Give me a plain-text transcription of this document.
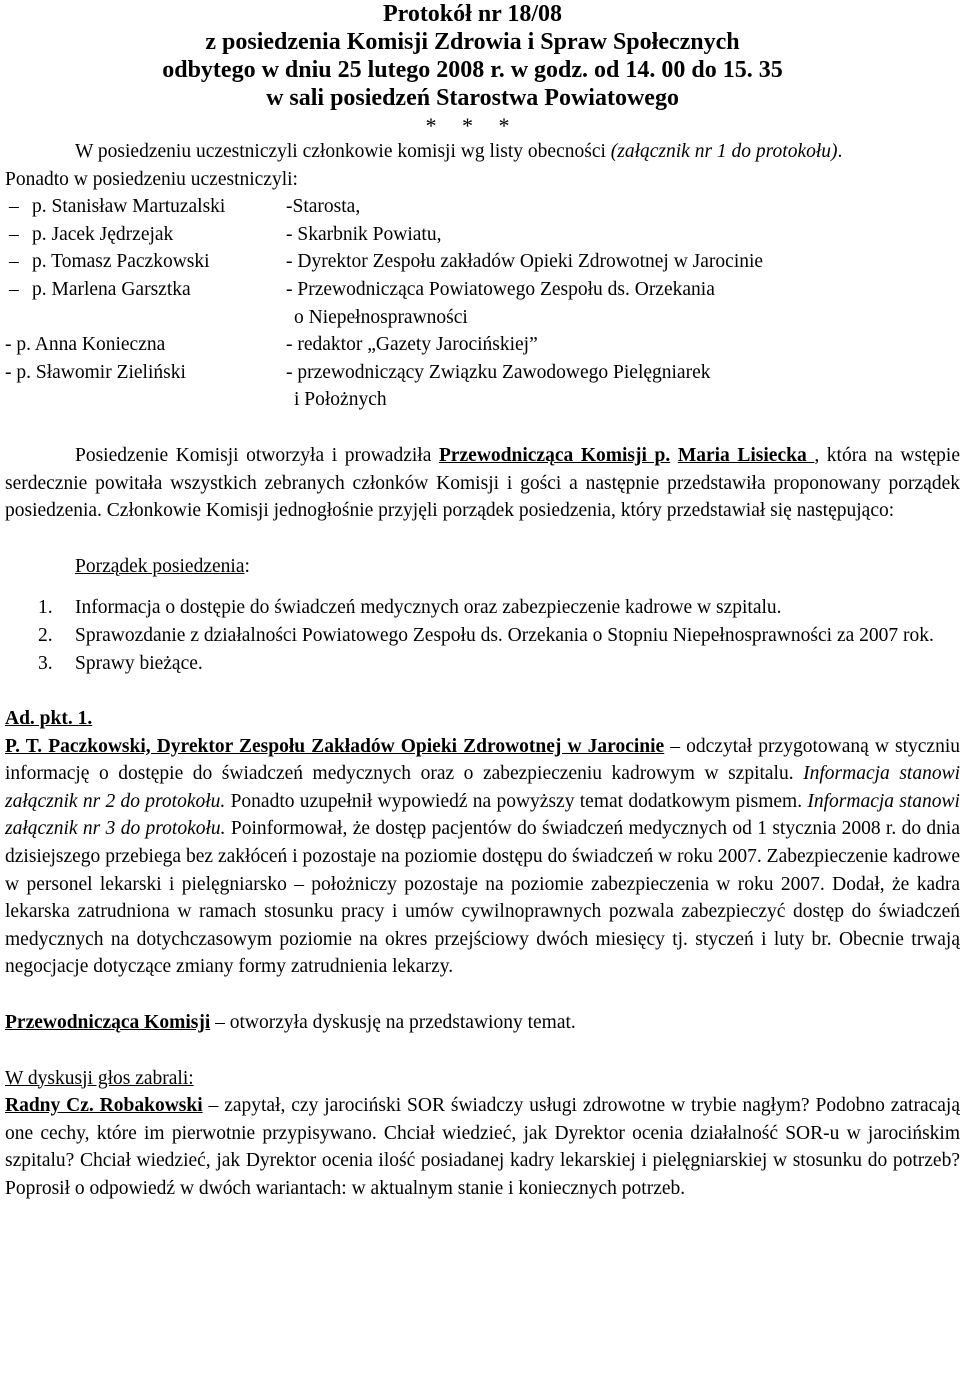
Protokół nr 18/08
z posiedzenia Komisji Zdrowia i Spraw Społecznych
odbytego w dniu 25 lutego 2008 r. w godz. od 14. 00 do 15. 35
w sali posiedzeń Starostwa Powiatowego
* * *

W posiedzeniu uczestniczyli członkowie komisji wg listy obecności (załącznik nr 1 do protokołu).

Ponadto w posiedzeniu uczestniczyli:

– p. Stanisław Martuzalski	-Starosta,
– p. Jacek Jędrzejak	- Skarbnik Powiatu,
– p. Tomasz Paczkowski	- Dyrektor Zespołu zakładów Opieki Zdrowotnej w Jarocinie
– p. Marlena Garsztka	- Przewodnicząca Powiatowego Zespołu ds. Orzekania
o Niepełnosprawności
- p. Anna Konieczna	- redaktor „Gazety Jarocińskiej”
- p. Sławomir Zieliński	- przewodniczący Związku Zawodowego Pielęgniarek
i Położnych

Posiedzenie Komisji otworzyła i prowadziła Przewodnicząca Komisji p. Maria Lisiecka , która na wstępie serdecznie powitała wszystkich zebranych członków Komisji i gości a następnie przedstawiła proponowany porządek posiedzenia. Członkowie Komisji jednogłośnie przyjęli porządek posiedzenia, który przedstawiał się następująco:

Porządek posiedzenia:

1.	Informacja o dostępie do świadczeń medycznych oraz zabezpieczenie kadrowe w szpitalu.
2.	Sprawozdanie z działalności Powiatowego Zespołu ds. Orzekania o Stopniu Niepełnosprawności za 2007 rok.
3.	Sprawy bieżące.

Ad. pkt. 1.

P. T. Paczkowski, Dyrektor Zespołu Zakładów Opieki Zdrowotnej w Jarocinie – odczytał przygotowaną w styczniu informację o dostępie do świadczeń medycznych oraz o zabezpieczeniu kadrowym w szpitalu. Informacja stanowi załącznik nr 2 do protokołu. Ponadto uzupełnił wypowiedź na powyższy temat dodatkowym pismem. Informacja stanowi załącznik nr 3 do protokołu. Poinformował, że dostęp pacjentów do świadczeń medycznych od 1 stycznia 2008 r. do dnia dzisiejszego przebiega bez zakłóceń i pozostaje na poziomie dostępu do świadczeń w roku 2007. Zabezpieczenie kadrowe w personel lekarski i pielęgniarsko – położniczy pozostaje na poziomie zabezpieczenia w roku 2007. Dodał, że kadra lekarska zatrudniona w ramach stosunku pracy i umów cywilnoprawnych pozwala zabezpieczyć dostęp do świadczeń medycznych na dotychczasowym poziomie na okres przejściowy dwóch miesięcy tj. styczeń i luty br. Obecnie trwają negocjacje dotyczące zmiany formy zatrudnienia lekarzy.

Przewodnicząca Komisji – otworzyła dyskusję na przedstawiony temat.

W dyskusji głos zabrali:

Radny Cz. Robakowski – zapytał, czy jarociński SOR świadczy usługi zdrowotne w trybie nagłym? Podobno zatracają one cechy, które im pierwotnie przypisywano. Chciał wiedzieć, jak Dyrektor ocenia działalność SOR-u w jarocińskim szpitalu? Chciał wiedzieć, jak Dyrektor ocenia ilość posiadanej kadry lekarskiej i pielęgniarskiej w stosunku do potrzeb? Poprosił o odpowiedź w dwóch wariantach: w aktualnym stanie i koniecznych potrzeb.
